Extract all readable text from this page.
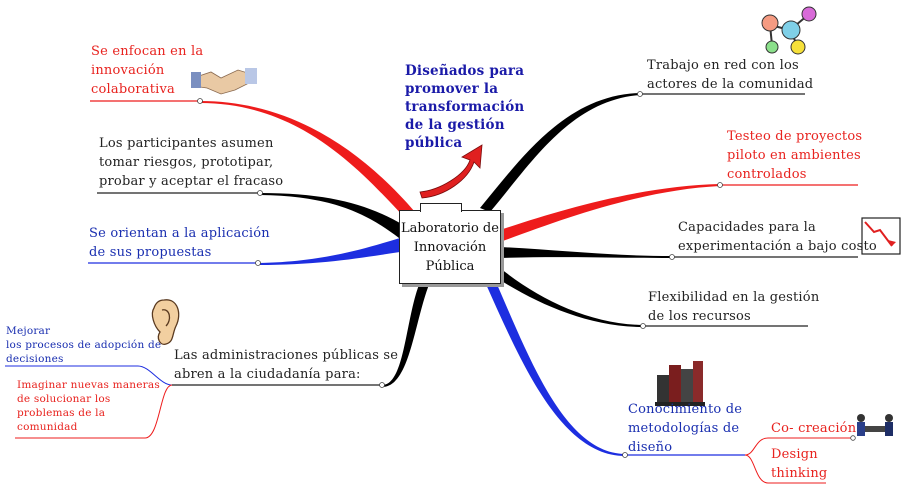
Laboratorio de
Innovación
Pública
Diseñados para
promover la
transformación
de la gestión
pública
Se enfocan en la
innovación
colaborativa
Los participantes asumen
tomar riesgos, prototipar,
probar y aceptar el fracaso
Se orientan a la aplicación
de sus propuestas
Las administraciones públicas se
abren a la ciudadanía para:
Mejorar
los procesos de adopción de
decisiones
Imaginar nuevas maneras
de solucionar los
problemas de la
comunidad
Trabajo en red con los
actores de la comunidad
Testeo de proyectos
piloto en ambientes
controlados
Capacidades para la
experimentación a bajo costo
Flexibilidad en la gestión
de los recursos
Conocimiento de
metodologías de
diseño
Co- creación
Design
thinking
